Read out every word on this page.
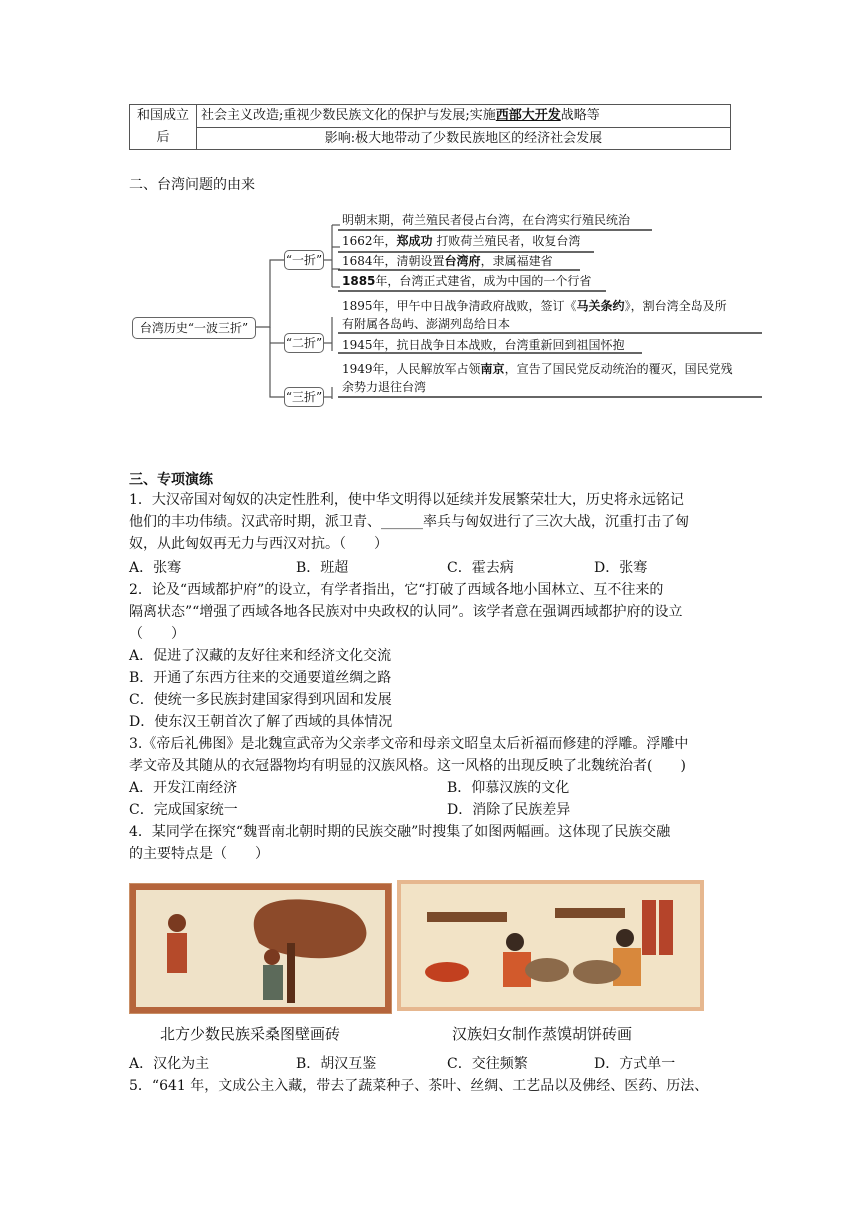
和国成立
后
社会主义改造;重视少数民族文化的保护与发展;实施西部大开发战略等
影响:极大地带动了少数民族地区的经济社会发展
二、台湾问题的由来
台湾历史“一波三折”
“一折”
“二折”
“三折”
明朝末期，荷兰殖民者侵占台湾，在台湾实行殖民统治
1662年，郑成功 打败荷兰殖民者，收复台湾
1684年，清朝设置台湾府，隶属福建省
1885年，台湾正式建省，成为中国的一个行省
1895年，甲午中日战争清政府战败，签订《马关条约》，割台湾全岛及所
有附属各岛屿、澎湖列岛给日本
1945年，抗日战争日本战败，台湾重新回到祖国怀抱
1949年，人民解放军占领南京，宣告了国民党反动统治的覆灭，国民党残
余势力退往台湾
三、专项演练
1．大汉帝国对匈奴的决定性胜利，使中华文明得以延续并发展繁荣壮大，历史将永远铭记
他们的丰功伟绩。汉武帝时期，派卫青、______率兵与匈奴进行了三次大战，沉重打击了匈
奴，从此匈奴再无力与西汉对抗。（　　）
A．张骞	B．班超	C．霍去病	D．张骞
2．论及“西域都护府”的设立，有学者指出，它“打破了西域各地小国林立、互不往来的
隔离状态”“增强了西域各地各民族对中央政权的认同”。该学者意在强调西域都护府的设立
（　　）
A．促进了汉藏的友好往来和经济文化交流
B．开通了东西方往来的交通要道丝绸之路
C．使统一多民族封建国家得到巩固和发展
D．使东汉王朝首次了解了西域的具体情况
3.《帝后礼佛图》是北魏宣武帝为父亲孝文帝和母亲文昭皇太后祈福而修建的浮雕。浮雕中
孝文帝及其随从的衣冠器物均有明显的汉族风格。这一风格的出现反映了北魏统治者(　　)
A．开发江南经济	B．仰慕汉族的文化
C．完成国家统一	D．消除了民族差异
4．某同学在探究“魏晋南北朝时期的民族交融”时搜集了如图两幅画。这体现了民族交融
的主要特点是（　　）
北方少数民族采桑图壁画砖	汉族妇女制作蒸馍胡饼砖画
A．汉化为主	B．胡汉互鉴	C．交往频繁	D．方式单一
5．“641 年，文成公主入藏，带去了蔬菜种子、茶叶、丝绸、工艺品以及佛经、医药、历法、
